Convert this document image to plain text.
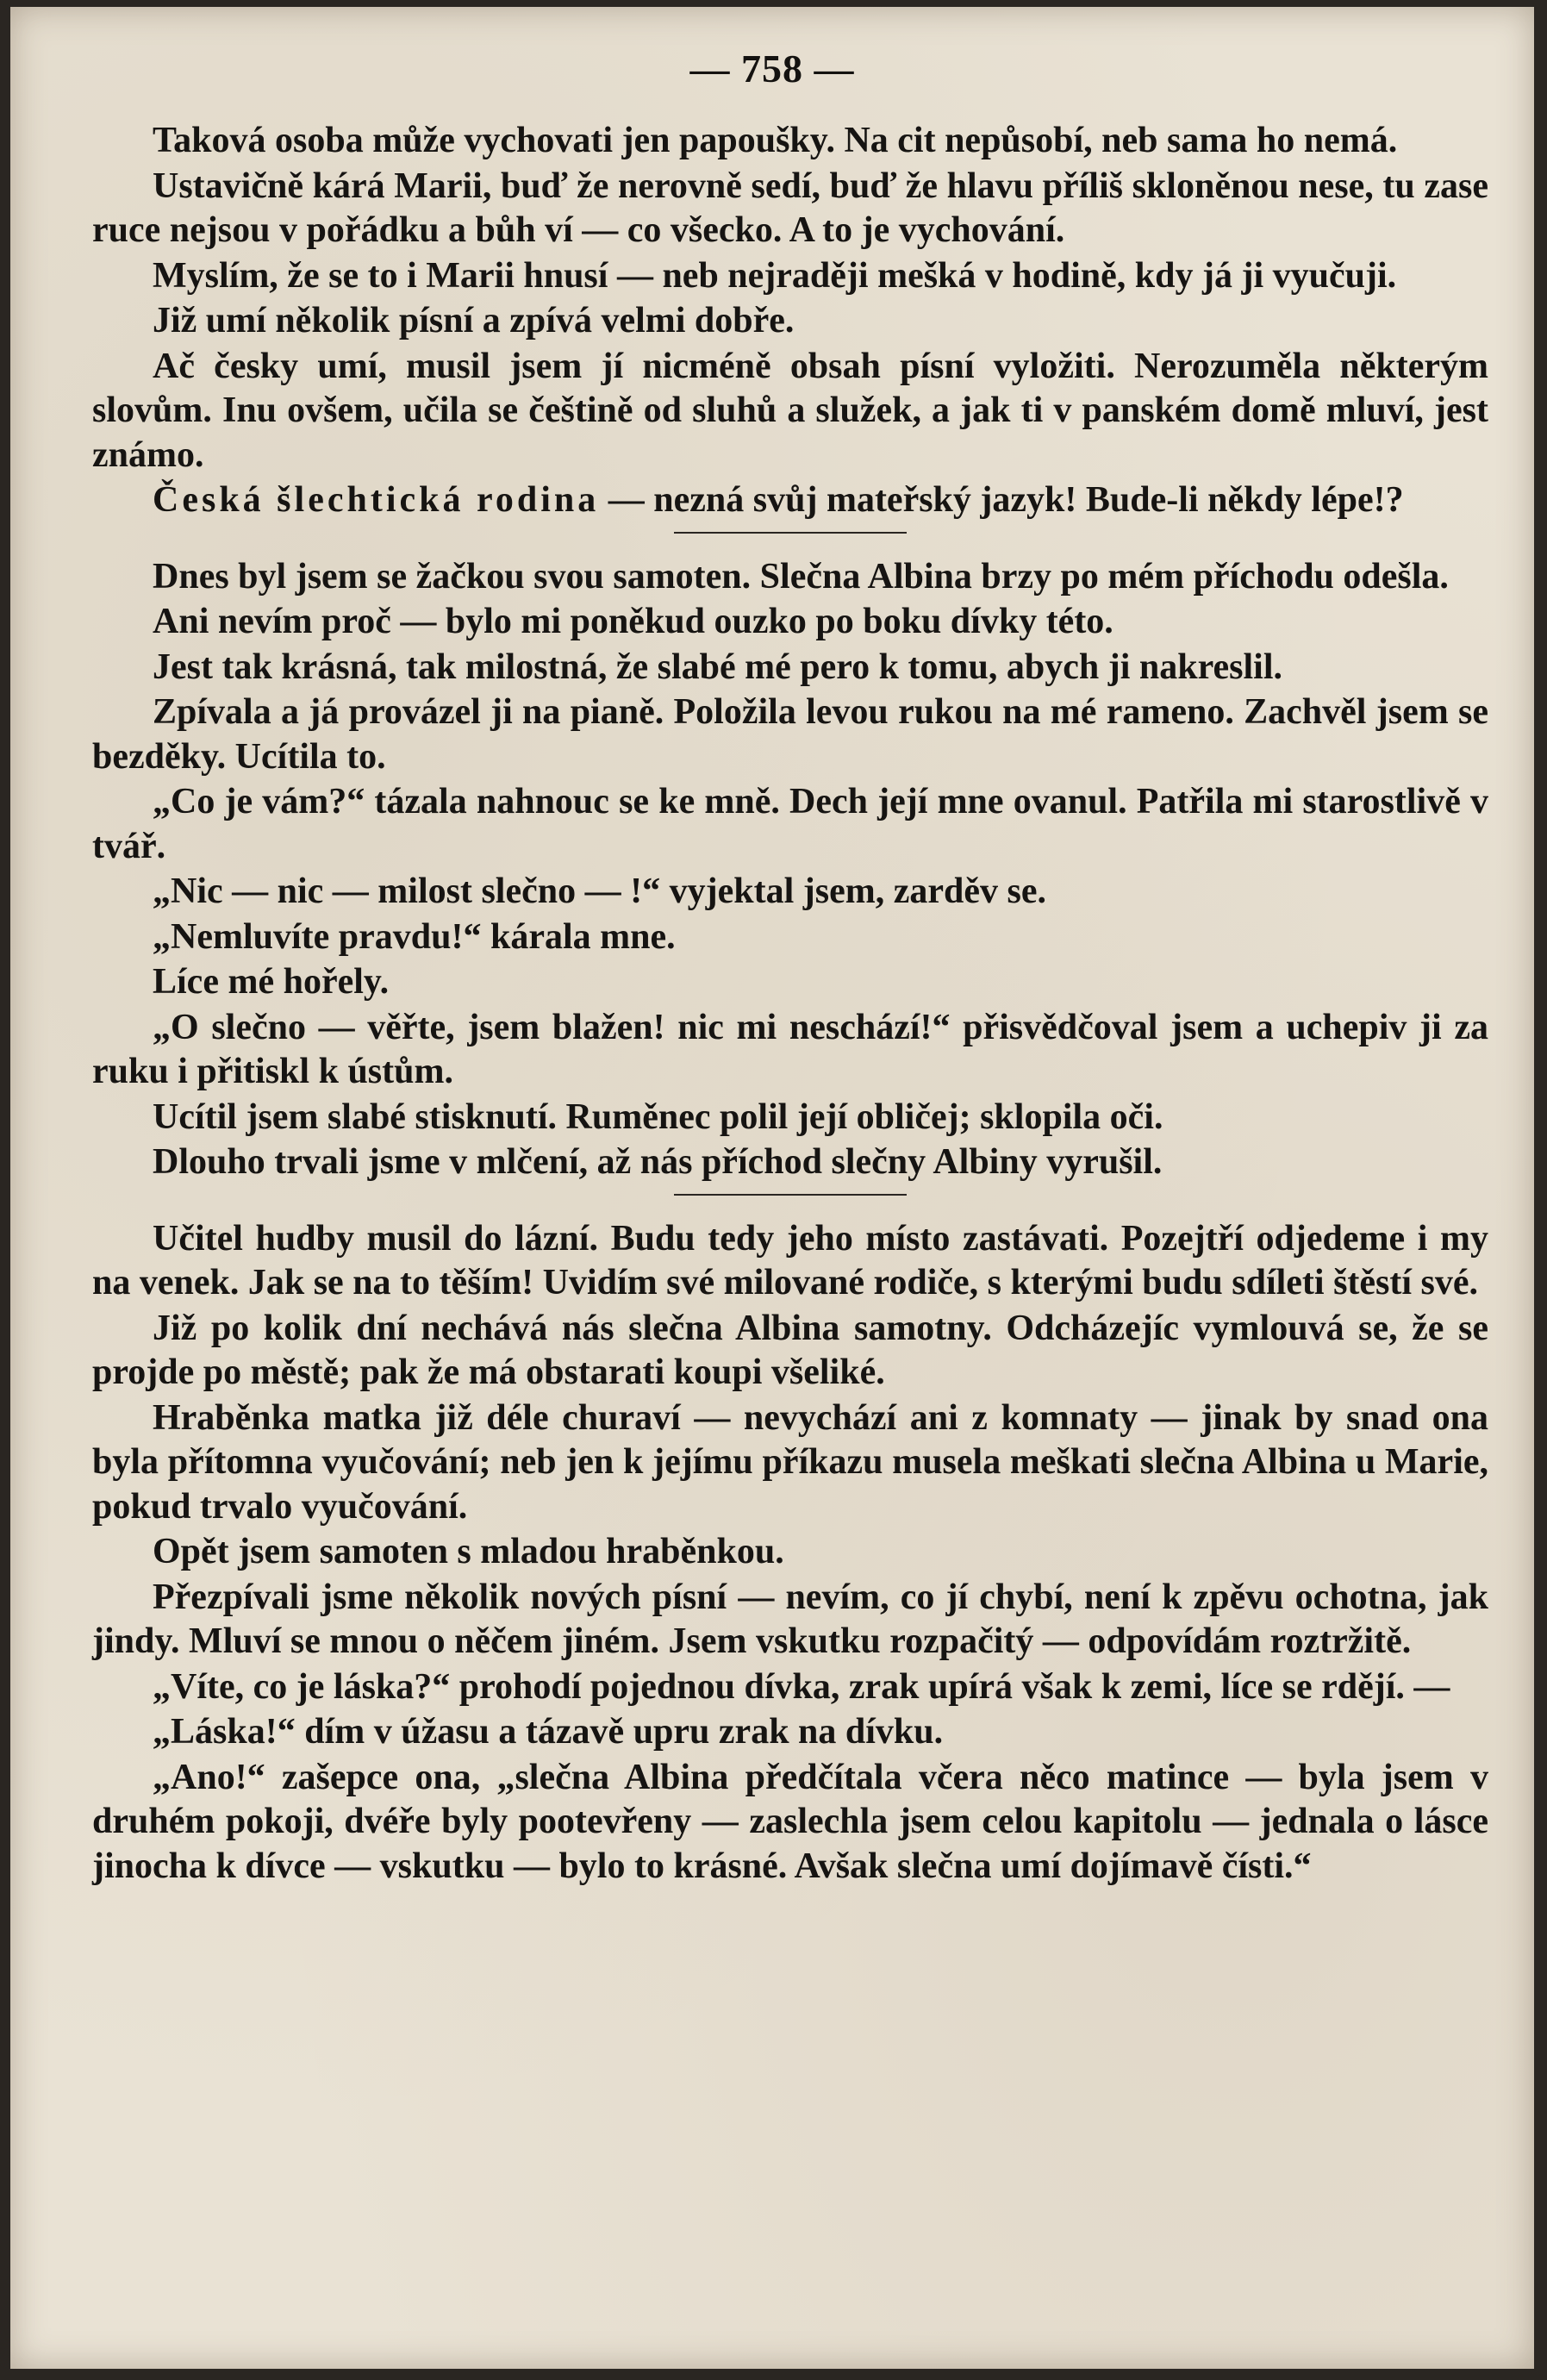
— 758 —

Taková osoba může vychovati jen papoušky. Na cit nepůsobí, neb sama ho nemá.

Ustavičně kárá Marii, buď že nerovně sedí, buď že hlavu příliš skloněnou nese, tu zase ruce nejsou v pořádku a bůh ví — co všecko. A to je vychování.

Myslím, že se to i Marii hnusí — neb nejraději mešká v hodině, kdy já ji vyučuji.

Již umí několik písní a zpívá velmi dobře.

Ač česky umí, musil jsem jí nicméně obsah písní vyložiti. Nerozuměla některým slovům. Inu ovšem, učila se češtině od sluhů a služek, a jak ti v panském domě mluví, jest známo.

Česká šlechtická rodina — nezná svůj mateřský jazyk! Bude-li někdy lépe!?

Dnes byl jsem se žačkou svou samoten. Slečna Albina brzy po mém příchodu odešla.

Ani nevím proč — bylo mi poněkud ouzko po boku dívky této.

Jest tak krásná, tak milostná, že slabé mé pero k tomu, abych ji nakreslil.

Zpívala a já provázel ji na pianě. Položila levou rukou na mé rameno. Zachvěl jsem se bezděky. Ucítila to.

„Co je vám?“ tázala nahnouc se ke mně. Dech její mne ovanul. Patřila mi starostlivě v tvář.

„Nic — nic — milost slečno — !“ vyjektal jsem, zarděv se.

„Nemluvíte pravdu!“ kárala mne.

Líce mé hořely.

„O slečno — věřte, jsem blažen! nic mi neschází!“ přisvědčoval jsem a uchepiv ji za ruku i přitiskl k ústům.

Ucítil jsem slabé stisknutí. Ruměnec polil její obličej; sklopila oči.

Dlouho trvali jsme v mlčení, až nás příchod slečny Albiny vyrušil.

Učitel hudby musil do lázní. Budu tedy jeho místo zastávati. Pozejtří odjedeme i my na venek. Jak se na to těším! Uvidím své milované rodiče, s kterými budu sdíleti štěstí své.

Již po kolik dní nechává nás slečna Albina samotny. Odcházejíc vymlouvá se, že se projde po městě; pak že má obstarati koupi všeliké.

Hraběnka matka již déle churaví — nevychází ani z komnaty — jinak by snad ona byla přítomna vyučování; neb jen k jejímu příkazu musela meškati slečna Albina u Marie, pokud trvalo vyučování.

Opět jsem samoten s mladou hraběnkou.

Přezpívali jsme několik nových písní — nevím, co jí chybí, není k zpěvu ochotna, jak jindy. Mluví se mnou o něčem jiném. Jsem vskutku rozpačitý — odpovídám roztržitě.

„Víte, co je láska?“ prohodí pojednou dívka, zrak upírá však k zemi, líce se rdějí. —

„Láska!“ dím v úžasu a tázavě upru zrak na dívku.

„Ano!“ zašepce ona, „slečna Albina předčítala včera něco matince — byla jsem v druhém pokoji, dvéře byly pootevřeny — zaslechla jsem celou kapitolu — jednala o lásce jinocha k dívce — vskutku — bylo to krásné. Avšak slečna umí dojímavě čísti.“
